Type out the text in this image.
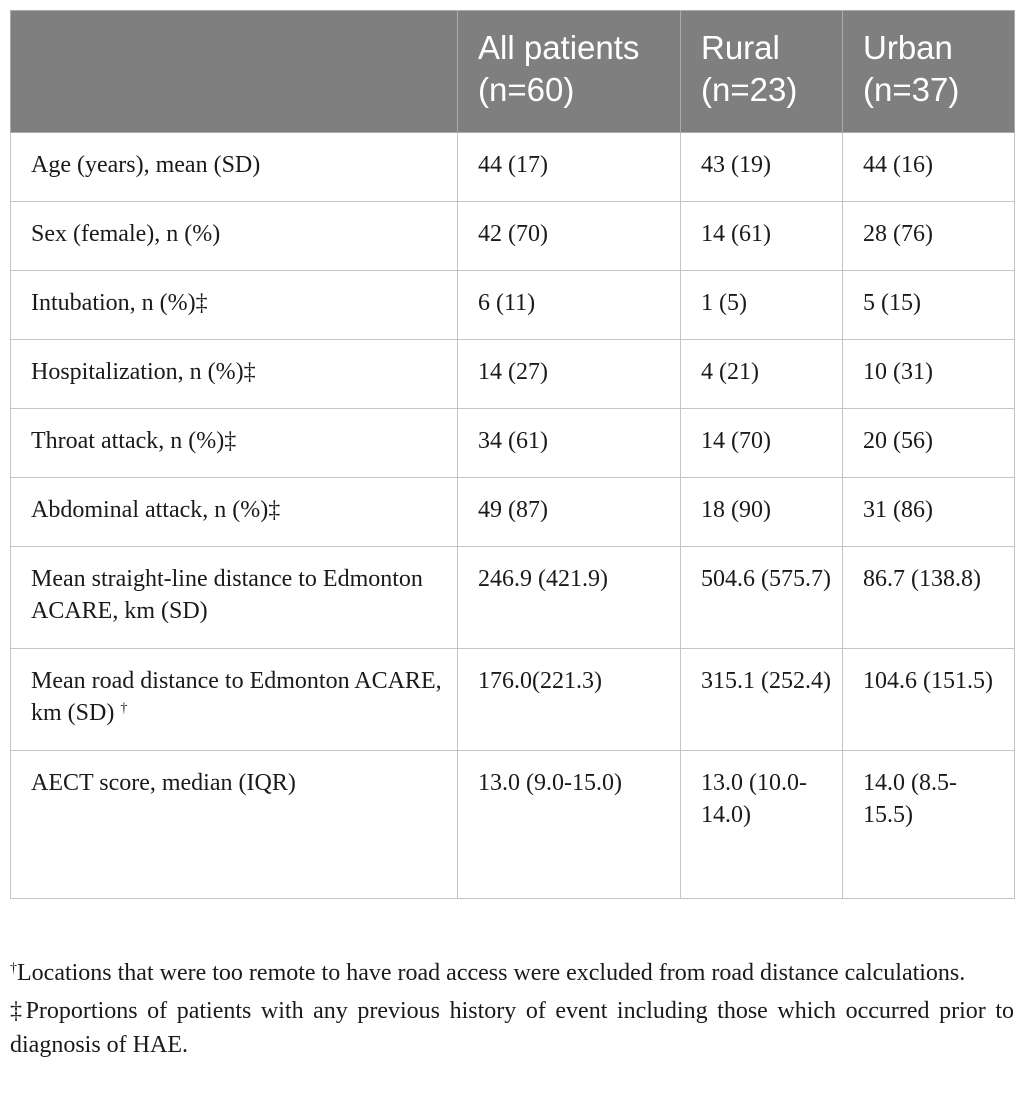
	All patients (n=60)	Rural (n=23)	Urban (n=37)
Age (years), mean (SD)	44 (17)	43 (19)	44 (16)
Sex (female), n (%)	42 (70)	14 (61)	28 (76)
Intubation, n (%)‡	6 (11)	1 (5)	5 (15)
Hospitalization, n (%)‡	14 (27)	4 (21)	10 (31)
Throat attack, n (%)‡	34 (61)	14 (70)	20 (56)
Abdominal attack, n (%)‡	49 (87)	18 (90)	31 (86)
Mean straight-line distance to Edmonton ACARE, km (SD)	246.9 (421.9)	504.6 (575.7)	86.7 (138.8)
Mean road distance to Edmonton ACARE, km (SD) †	176.0(221.3)	315.1 (252.4)	104.6 (151.5)
AECT score, median (IQR)	13.0 (9.0-15.0)	13.0 (10.0-14.0)	14.0 (8.5-15.5)

†Locations that were too remote to have road access were excluded from road distance calculations.

‡Proportions of patients with any previous history of event including those which occurred prior to diagnosis of HAE.
